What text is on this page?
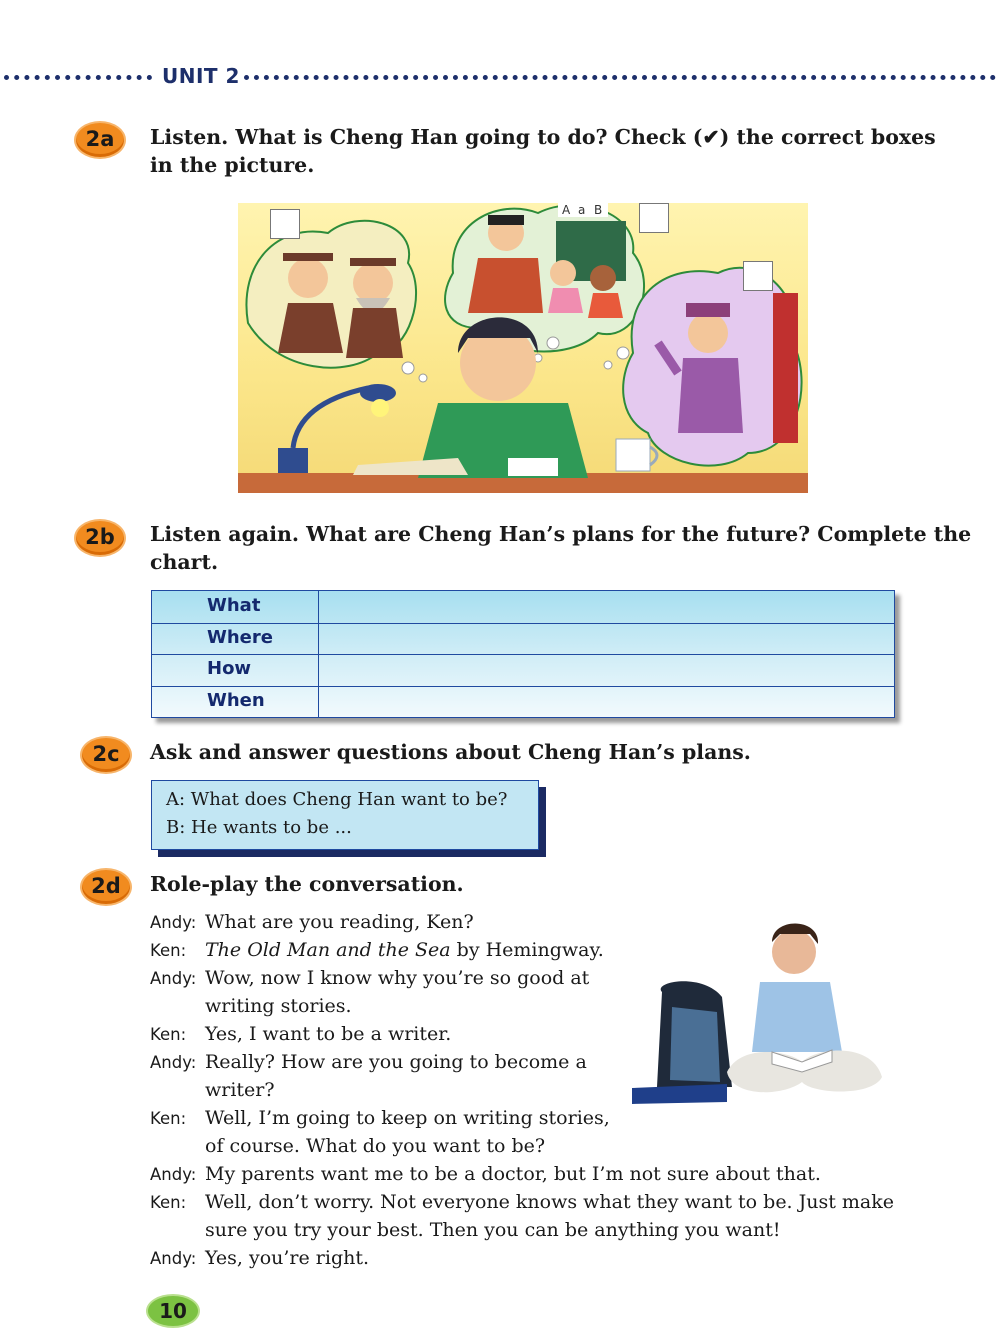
UNIT 2
2a	Listen. What is Cheng Han going to do? Check (✔) the correct boxes
in the picture.
A a B
2b	Listen again. What are Cheng Han’s plans for the future? Complete the
chart.
What
Where
How
When
2c	Ask and answer questions about Cheng Han’s plans.
A: What does Cheng Han want to be?
B: He wants to be ...
2d	Role-play the conversation.
Andy: What are you reading, Ken?
Ken: The Old Man and the Sea by Hemingway.
Andy: Wow, now I know why you’re so good at
writing stories.
Ken: Yes, I want to be a writer.
Andy: Really? How are you going to become a
writer?
Ken: Well, I’m going to keep on writing stories,
of course. What do you want to be?
Andy: My parents want me to be a doctor, but I’m not sure about that.
Ken: Well, don’t worry. Not everyone knows what they want to be. Just make
sure you try your best. Then you can be anything you want!
Andy: Yes, you’re right.
10
